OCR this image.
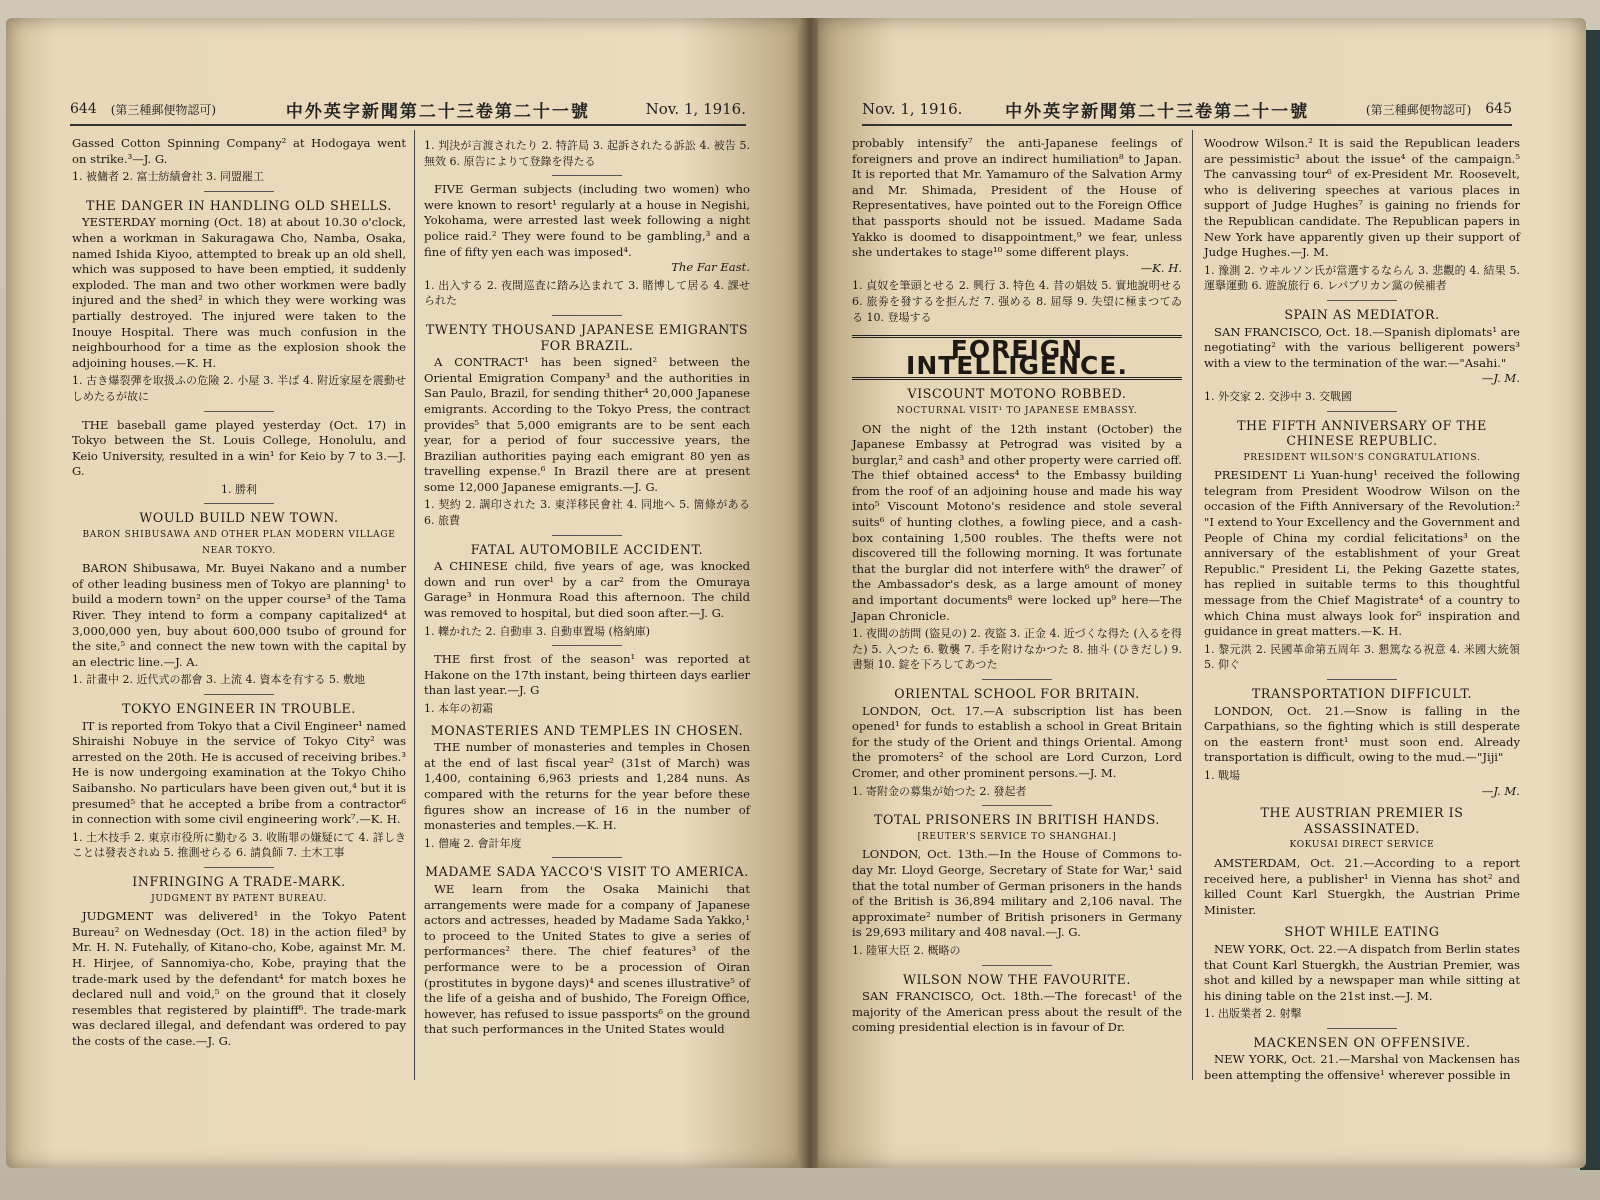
644 (第三種郵便物認可)	中外英字新聞第二十三卷第二十一號	Nov. 1, 1916.

Gassed Cotton Spinning Company² at Hodogaya went on strike.³—J. G.

1. 被傭者 2. 富士紡績會社 3. 同盟罷工

THE DANGER IN HANDLING OLD SHELLS.

YESTERDAY morning (Oct. 18) at about 10.30 o'clock, when a workman in Sakuragawa Cho, Namba, Osaka, named Ishida Kiyoo, attempted to break up an old shell, which was supposed to have been emptied, it suddenly exploded. The man and two other workmen were badly injured and the shed² in which they were working was partially destroyed. The injured were taken to the Inouye Hospital. There was much confusion in the neighbourhood for a time as the explosion shook the adjoining houses.—K. H.

1. 古き爆裂彈を取扱ふの危險 2. 小屋 3. 半ば 4. 附近家屋を震動せしめたるが故に

THE baseball game played yesterday (Oct. 17) in Tokyo between the St. Louis College, Honolulu, and Keio University, resulted in a win¹ for Keio by 7 to 3.—J. G.

1. 勝利

WOULD BUILD NEW TOWN.
BARON SHIBUSAWA AND OTHER PLAN MODERN VILLAGE NEAR TOKYO.

BARON Shibusawa, Mr. Buyei Nakano and a number of other leading business men of Tokyo are planning¹ to build a modern town² on the upper course³ of the Tama River. They intend to form a company capitalized⁴ at 3,000,000 yen, buy about 600,000 tsubo of ground for the site,⁵ and connect the new town with the capital by an electric line.—J. A.

1. 計畫中 2. 近代式の都會 3. 上流 4. 資本を有する 5. 敷地

TOKYO ENGINEER IN TROUBLE.

IT is reported from Tokyo that a Civil Engineer¹ named Shiraishi Nobuye in the service of Tokyo City² was arrested on the 20th. He is accused of receiving bribes.³ He is now undergoing examination at the Tokyo Chiho Saibansho. No particulars have been given out,⁴ but it is presumed⁵ that he accepted a bribe from a contractor⁶ in connection with some civil engineering work⁷.—K. H.

1. 土木技手 2. 東京市役所に勤むる 3. 收賄罪の嫌疑にて 4. 詳しきことは發表されぬ 5. 推測せらる 6. 請負師 7. 土木工事

INFRINGING A TRADE-MARK.
JUDGMENT BY PATENT BUREAU.

JUDGMENT was delivered¹ in the Tokyo Patent Bureau² on Wednesday (Oct. 18) in the action filed³ by Mr. H. N. Futehally, of Kitano-cho, Kobe, against Mr. M. H. Hirjee, of Sannomiya-cho, Kobe, praying that the trade-mark used by the defendant⁴ for match boxes he declared null and void,⁵ on the ground that it closely resembles that registered by plaintiff⁶. The trade-mark was declared illegal, and defendant was ordered to pay the costs of the case.—J. G.

1. 判決が言渡されたり 2. 特許局 3. 起訴されたる訴訟 4. 被告 5. 無效 6. 原告によりて登錄を得たる

FIVE German subjects (including two women) who were known to resort¹ regularly at a house in Negishi, Yokohama, were arrested last week following a night police raid.² They were found to be gambling,³ and a fine of fifty yen each was imposed⁴.

The Far East.

1. 出入する 2. 夜間巡査に踏み込まれて 3. 賭博して居る 4. 課せられた

TWENTY THOUSAND JAPANESE EMIGRANTS FOR BRAZIL.

A CONTRACT¹ has been signed² between the Oriental Emigration Company³ and the authorities in San Paulo, Brazil, for sending thither⁴ 20,000 Japanese emigrants. According to the Tokyo Press, the contract provides⁵ that 5,000 emigrants are to be sent each year, for a period of four successive years, the Brazilian authorities paying each emigrant 80 yen as travelling expense.⁶ In Brazil there are at present some 12,000 Japanese emigrants.—J. G.

1. 契約 2. 調印された 3. 東洋移民會社 4. 同地へ 5. 箇條がある 6. 旅費

FATAL AUTOMOBILE ACCIDENT.

A CHINESE child, five years of age, was knocked down and run over¹ by a car² from the Omuraya Garage³ in Honmura Road this afternoon. The child was removed to hospital, but died soon after.—J. G.

1. 轢かれた 2. 自動車 3. 自動車置場 (格納庫)

THE first frost of the season¹ was reported at Hakone on the 17th instant, being thirteen days earlier than last year.—J. G

1. 本年の初霜

MONASTERIES AND TEMPLES IN CHOSEN.

THE number of monasteries and temples in Chosen at the end of last fiscal year² (31st of March) was 1,400, containing 6,963 priests and 1,284 nuns. As compared with the returns for the year before these figures show an increase of 16 in the number of monasteries and temples.—K. H.

1. 僧庵 2. 會計年度

MADAME SADA YACCO'S VISIT TO AMERICA.

WE learn from the Osaka Mainichi that arrangements were made for a company of Japanese actors and actresses, headed by Madame Sada Yakko,¹ to proceed to the United States to give a series of performances² there. The chief features³ of the performance were to be a procession of Oiran (prostitutes in bygone days)⁴ and scenes illustrative⁵ of the life of a geisha and of bushido, The Foreign Office, however, has refused to issue passports⁶ on the ground that such performances in the United States would

Nov. 1, 1916.	中外英字新聞第二十三卷第二十一號	(第三種郵便物認可) 645

probably intensify⁷ the anti-Japanese feelings of foreigners and prove an indirect humiliation⁸ to Japan. It is reported that Mr. Yamamuro of the Salvation Army and Mr. Shimada, President of the House of Representatives, have pointed out to the Foreign Office that passports should not be issued. Madame Sada Yakko is doomed to disappointment,⁹ we fear, unless she undertakes to stage¹⁰ some different plays.

—K. H.

1. 貞奴を筆頭とせる 2. 興行 3. 特色 4. 昔の娼妓 5. 實地說明せる 6. 旅劵を發するを拒んだ 7. 强める 8. 屈辱 9. 失望に極まつてゐる 10. 登場する

FOREIGN INTELLIGENCE.
VISCOUNT MOTONO ROBBED.
NOCTURNAL VISIT¹ TO JAPANESE EMBASSY.

ON the night of the 12th instant (October) the Japanese Embassy at Petrograd was visited by a burglar,² and cash³ and other property were carried off. The thief obtained access⁴ to the Embassy building from the roof of an adjoining house and made his way into⁵ Viscount Motono's residence and stole several suits⁶ of hunting clothes, a fowling piece, and a cash-box containing 1,500 roubles. The thefts were not discovered till the following morning. It was fortunate that the burglar did not interfere with⁶ the drawer⁷ of the Ambassador's desk, as a large amount of money and important documents⁸ were locked up⁹ here—The Japan Chronicle.

1. 夜間の訪問 (盜見の) 2. 夜盜 3. 正金 4. 近づくな得た (入るを得た) 5. 入つた 6. 數襲 7. 手を附けなかつた 8. 抽斗 (ひきだし) 9. 書類 10. 錠を下ろしてあつた

ORIENTAL SCHOOL FOR BRITAIN.

LONDON, Oct. 17.—A subscription list has been opened¹ for funds to establish a school in Great Britain for the study of the Orient and things Oriental. Among the promoters² of the school are Lord Curzon, Lord Cromer, and other prominent persons.—J. M.

1. 寄附金の募集が始つた 2. 發起者

TOTAL PRISONERS IN BRITISH HANDS.
[REUTER'S SERVICE TO SHANGHAI.]

LONDON, Oct. 13th.—In the House of Commons to-day Mr. Lloyd George, Secretary of State for War,¹ said that the total number of German prisoners in the hands of the British is 36,894 military and 2,106 naval. The approximate² number of British prisoners in Germany is 29,693 military and 408 naval.—J. G.

1. 陸軍大臣 2. 概略の

WILSON NOW THE FAVOURITE.

SAN FRANCISCO, Oct. 18th.—The forecast¹ of the majority of the American press about the result of the coming presidential election is in favour of Dr.

Woodrow Wilson.² It is said the Republican leaders are pessimistic³ about the issue⁴ of the campaign.⁵ The canvassing tour⁶ of ex-President Mr. Roosevelt, who is delivering speeches at various places in support of Judge Hughes⁷ is gaining no friends for the Republican candidate. The Republican papers in New York have apparently given up their support of Judge Hughes.—J. M.

1. 豫測 2. ウヰルソン氏が當選するならん 3. 悲觀的 4. 結果 5. 運擧運動 6. 遊說旅行 6. レパブリカン黨の候補者

SPAIN AS MEDIATOR.

SAN FRANCISCO, Oct. 18.—Spanish diplomats¹ are negotiating² with the various belligerent powers³ with a view to the termination of the war.—"Asahi."

—J. M.

1. 外交家 2. 交涉中 3. 交戰國

THE FIFTH ANNIVERSARY OF THE CHINESE REPUBLIC.
PRESIDENT WILSON'S CONGRATULATIONS.

PRESIDENT Li Yuan-hung¹ received the following telegram from President Woodrow Wilson on the occasion of the Fifth Anniversary of the Revolution:² "I extend to Your Excellency and the Government and People of China my cordial felicitations³ on the anniversary of the establishment of your Great Republic." President Li, the Peking Gazette states, has replied in suitable terms to this thoughtful message from the Chief Magistrate⁴ of a country to which China must always look for⁵ inspiration and guidance in great matters.—K. H.

1. 黎元洪 2. 民國革命第五周年 3. 懇篤なる祝意 4. 米國大統領 5. 仰ぐ

TRANSPORTATION DIFFICULT.

LONDON, Oct. 21.—Snow is falling in the Carpathians, so the fighting which is still desperate on the eastern front¹ must soon end. Already transportation is difficult, owing to the mud.—"Jiji"

1. 戰場

—J. M.

THE AUSTRIAN PREMIER IS ASSASSINATED.
KOKUSAI DIRECT SERVICE

AMSTERDAM, Oct. 21.—According to a report received here, a publisher¹ in Vienna has shot² and killed Count Karl Stuergkh, the Austrian Prime Minister.

SHOT WHILE EATING

NEW YORK, Oct. 22.—A dispatch from Berlin states that Count Karl Stuergkh, the Austrian Premier, was shot and killed by a newspaper man while sitting at his dining table on the 21st inst.—J. M.

1. 出版業者 2. 射擊

MACKENSEN ON OFFENSIVE.

NEW YORK, Oct. 21.—Marshal von Mackensen has been attempting the offensive¹ wherever possible in
